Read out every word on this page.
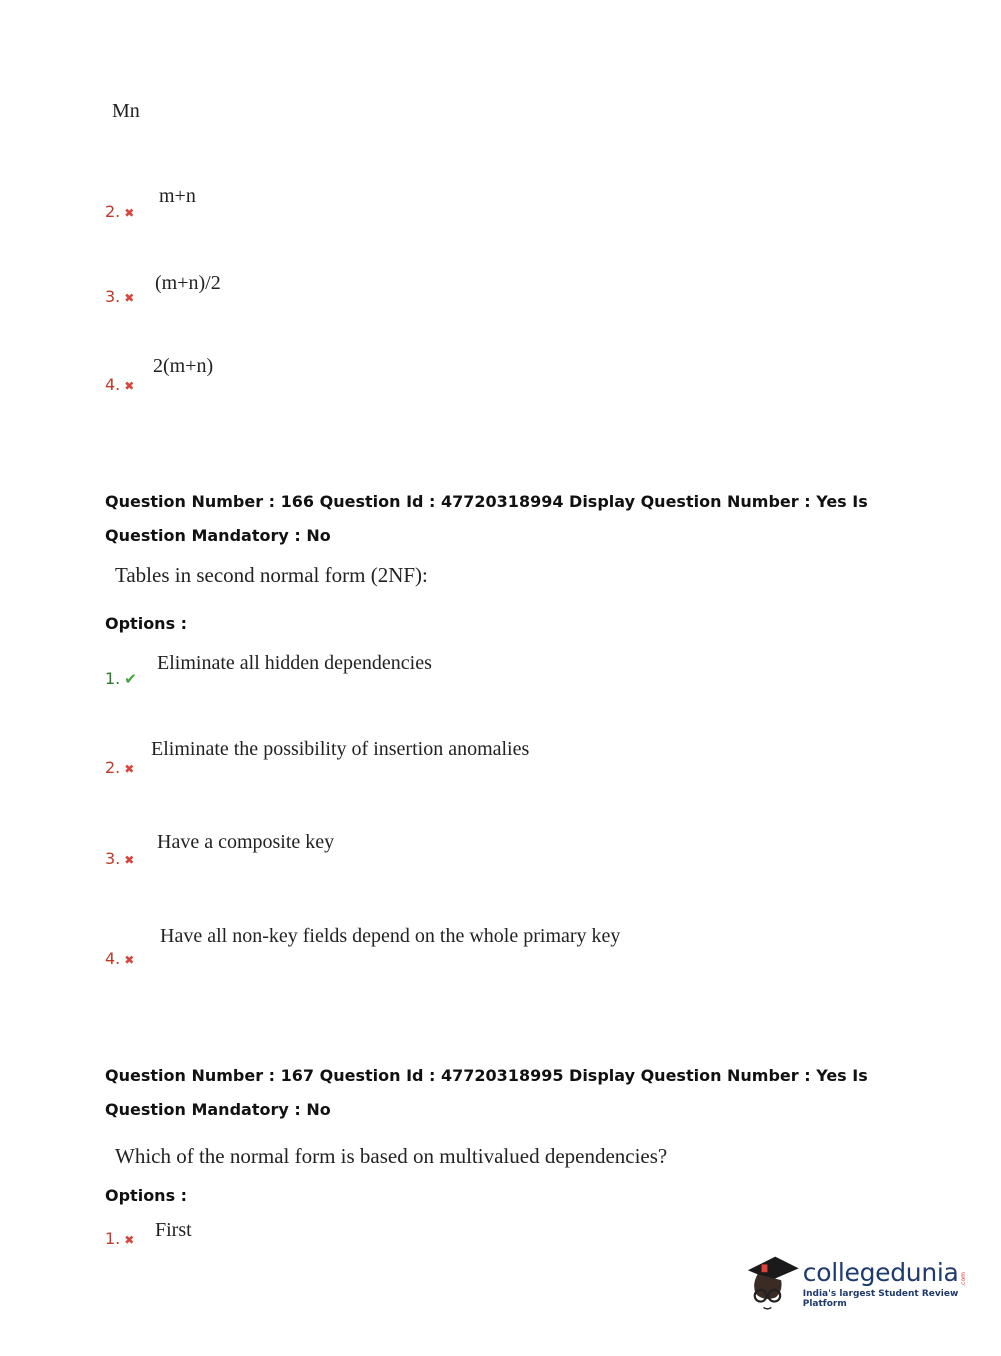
Mn
2. ✖
m+n
3. ✖
(m+n)/2
4. ✖
2(m+n)
Question Number : 166 Question Id : 47720318994 Display Question Number : Yes Is Question Mandatory : No
Tables in second normal form (2NF):
Options :
1. ✔
Eliminate all hidden dependencies
2. ✖
Eliminate the possibility of insertion anomalies
3. ✖
Have a composite key
4. ✖
Have all non-key fields depend on the whole primary key
Question Number : 167 Question Id : 47720318995 Display Question Number : Yes Is Question Mandatory : No
Which of the normal form is based on multivalued dependencies?
Options :
1. ✖ First
collegedunia .com
India's largest Student Review Platform
